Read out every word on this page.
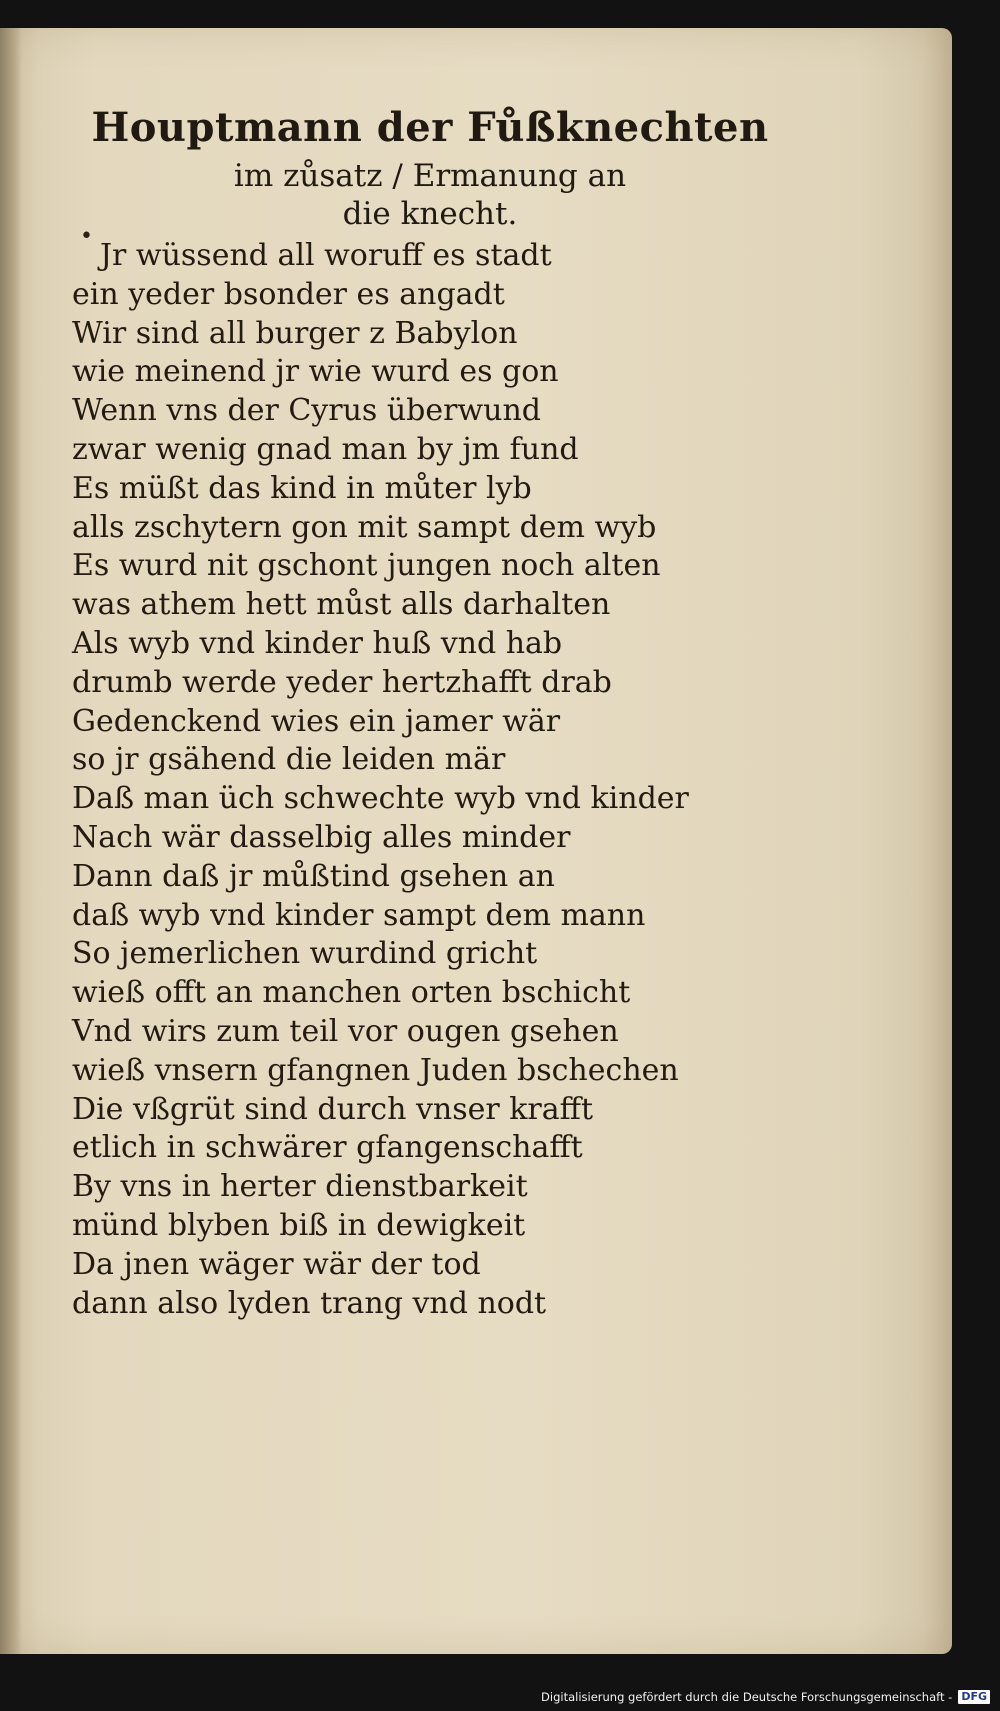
Houptmann der Fůßknechten
im zůsatz / Ermanung an
die knecht.
•
Jr wüssend all woruff es stadt
ein yeder bsonder es angadt
Wir sind all burger z Babylon
wie meinend jr wie wurd es gon
Wenn vns der Cyrus überwund
zwar wenig gnad man by jm fund
Es müßt das kind in můter lyb
alls zschytern gon mit sampt dem wyb
Es wurd nit gschont jungen noch alten
was athem hett můst alls darhalten
Als wyb vnd kinder huß vnd hab
drumb werde yeder hertzhafft drab
Gedenckend wies ein jamer wär
so jr gsähend die leiden mär
Daß man üch schwechte wyb vnd kinder
Nach wär dasselbig alles minder
Dann daß jr můßtind gsehen an
daß wyb vnd kinder sampt dem mann
So jemerlichen wurdind gricht
wieß offt an manchen orten bschicht
Vnd wirs zum teil vor ougen gsehen
wieß vnsern gfangnen Juden bschechen
Die vßgrüt sind durch vnser krafft
etlich in schwärer gfangenschafft
By vns in herter dienstbarkeit
münd blyben biß in dewigkeit
Da jnen wäger wär der tod
dann also lyden trang vnd nodt
Digitalisierung gefördert durch die Deutsche Forschungsgemeinschaft - DFG
